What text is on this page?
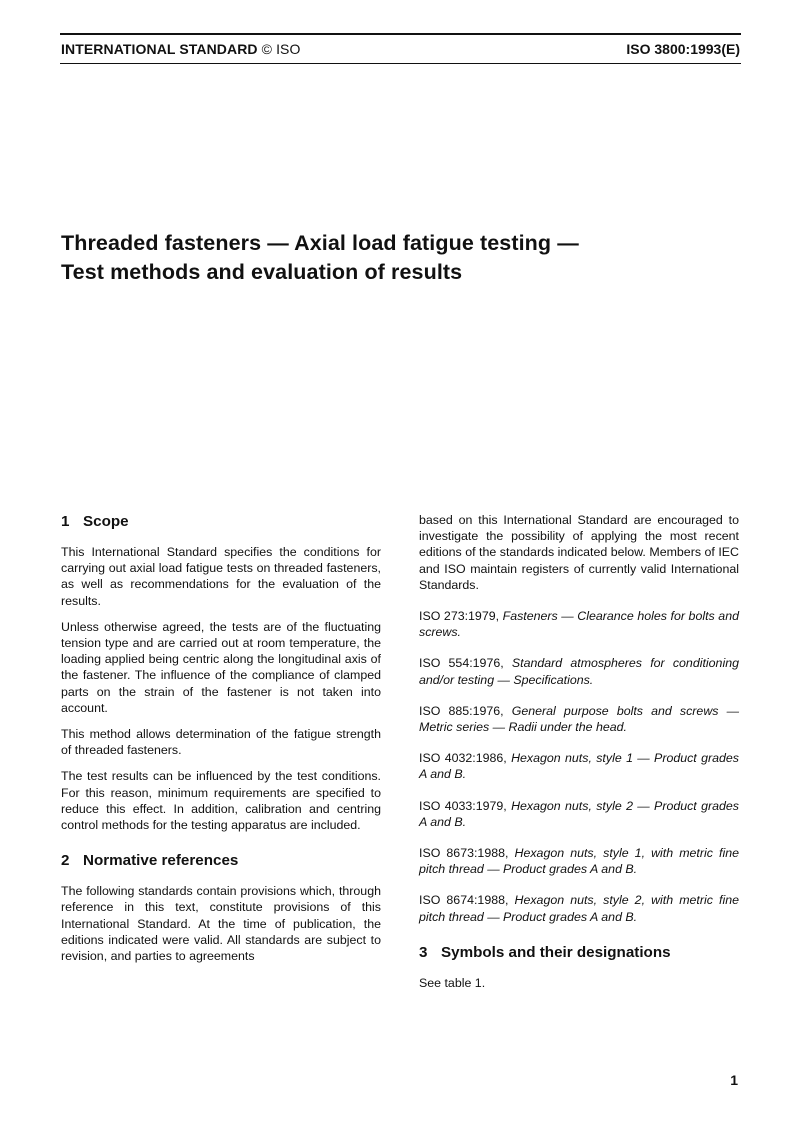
INTERNATIONAL STANDARD © ISO	ISO 3800:1993(E)
Threaded fasteners — Axial load fatigue testing —
Test methods and evaluation of results
1 Scope

This International Standard specifies the conditions for carrying out axial load fatigue tests on threaded fasteners, as well as recommendations for the evaluation of the results.

Unless otherwise agreed, the tests are of the fluctuating tension type and are carried out at room temperature, the loading applied being centric along the longitudinal axis of the fastener. The influence of the compliance of clamped parts on the strain of the fastener is not taken into account.

This method allows determination of the fatigue strength of threaded fasteners.

The test results can be influenced by the test conditions. For this reason, minimum requirements are specified to reduce this effect. In addition, calibration and centring control methods for the testing apparatus are included.

2 Normative references

The following standards contain provisions which, through reference in this text, constitute provisions of this International Standard. At the time of publication, the editions indicated were valid. All standards are subject to revision, and parties to agreements

based on this International Standard are encouraged to investigate the possibility of applying the most recent editions of the standards indicated below. Members of IEC and ISO maintain registers of currently valid International Standards.

ISO 273:1979, Fasteners — Clearance holes for bolts and screws.

ISO 554:1976, Standard atmospheres for conditioning and/or testing — Specifications.

ISO 885:1976, General purpose bolts and screws — Metric series — Radii under the head.

ISO 4032:1986, Hexagon nuts, style 1 — Product grades A and B.

ISO 4033:1979, Hexagon nuts, style 2 — Product grades A and B.

ISO 8673:1988, Hexagon nuts, style 1, with metric fine pitch thread — Product grades A and B.

ISO 8674:1988, Hexagon nuts, style 2, with metric fine pitch thread — Product grades A and B.

3 Symbols and their designations

See table 1.

1
